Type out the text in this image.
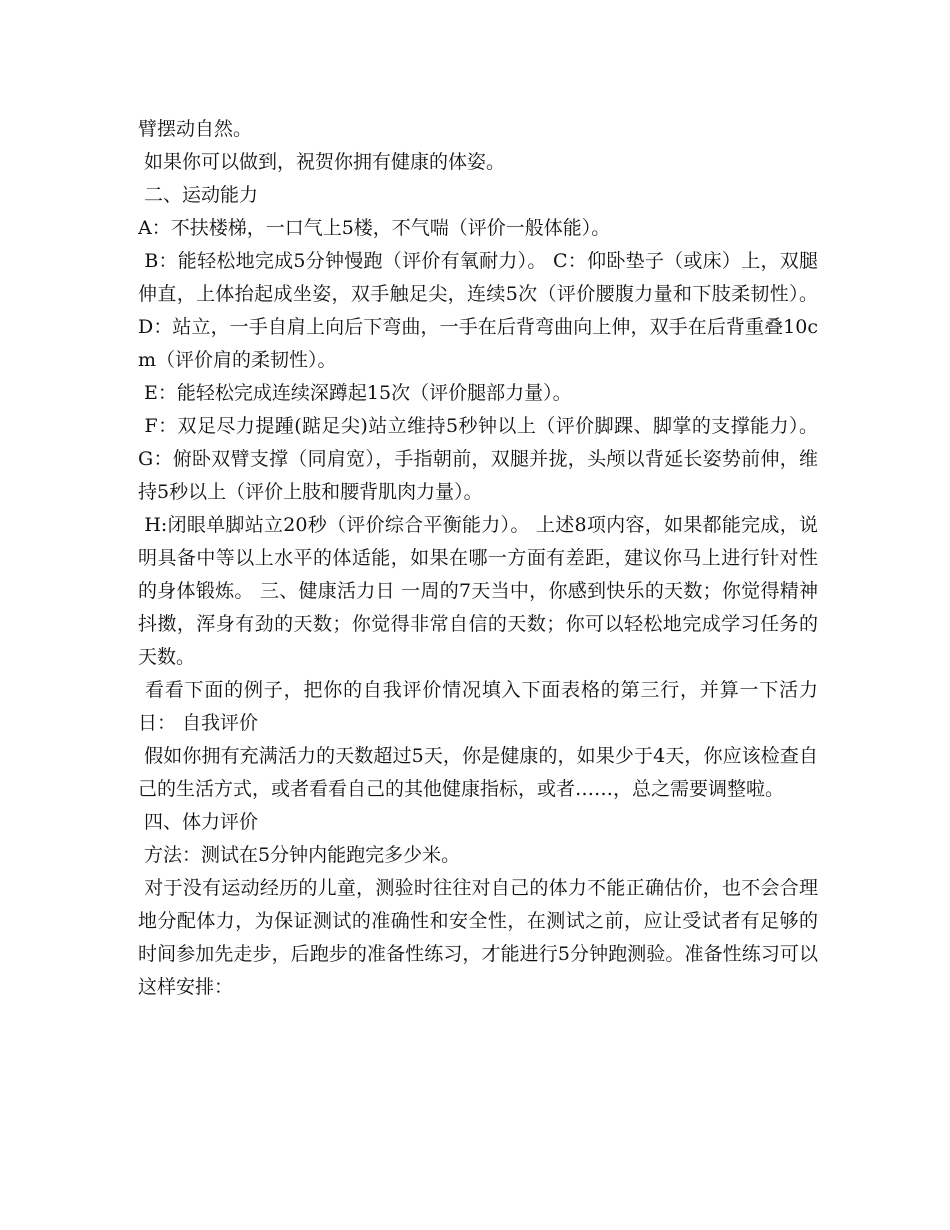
臂摆动自然。

如果你可以做到，祝贺你拥有健康的体姿。

二、运动能力

A：不扶楼梯，一口气上5楼，不气喘（评价一般体能）。

B：能轻松地完成5分钟慢跑（评价有氧耐力）。 C：仰卧垫子（或床）上，双腿伸直，上体抬起成坐姿，双手触足尖，连续5次（评价腰腹力量和下肢柔韧性）。 D：站立，一手自肩上向后下弯曲，一手在后背弯曲向上伸，双手在后背重叠10cm（评价肩的柔韧性）。

E：能轻松完成连续深蹲起15次（评价腿部力量）。

F：双足尽力提踵(踮足尖)站立维持5秒钟以上（评价脚踝、脚掌的支撑能力）。 G：俯卧双臂支撑（同肩宽），手指朝前，双腿并拢，头颅以背延长姿势前伸，维持5秒以上（评价上肢和腰背肌肉力量）。

H:闭眼单脚站立20秒（评价综合平衡能力）。 上述8项内容，如果都能完成，说明具备中等以上水平的体适能，如果在哪一方面有差距，建议你马上进行针对性的身体锻炼。 三、健康活力日 一周的7天当中，你感到快乐的天数；你觉得精神抖擞，浑身有劲的天数；你觉得非常自信的天数；你可以轻松地完成学习任务的天数。

看看下面的例子，把你的自我评价情况填入下面表格的第三行，并算一下活力日： 自我评价

假如你拥有充满活力的天数超过5天，你是健康的，如果少于4天，你应该检查自己的生活方式，或者看看自己的其他健康指标，或者……，总之需要调整啦。

四、体力评价

方法：测试在5分钟内能跑完多少米。

对于没有运动经历的儿童，测验时往往对自己的体力不能正确估价，也不会合理地分配体力，为保证测试的准确性和安全性，在测试之前，应让受试者有足够的时间参加先走步，后跑步的准备性练习，才能进行5分钟跑测验。准备性练习可以这样安排：
